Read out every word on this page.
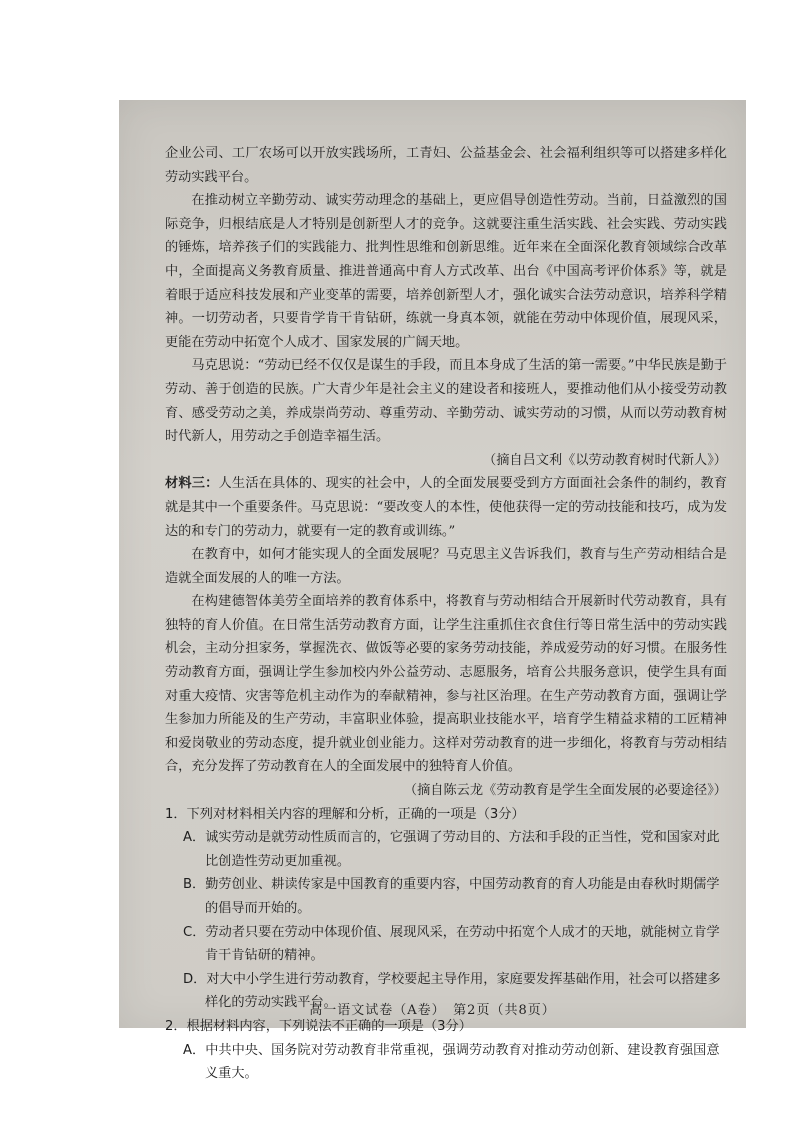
企业公司、工厂农场可以开放实践场所，工青妇、公益基金会、社会福利组织等可以搭建多样化劳动实践平台。

在推动树立辛勤劳动、诚实劳动理念的基础上，更应倡导创造性劳动。当前，日益激烈的国际竞争，归根结底是人才特别是创新型人才的竞争。这就要注重生活实践、社会实践、劳动实践的锤炼，培养孩子们的实践能力、批判性思维和创新思维。近年来在全面深化教育领域综合改革中，全面提高义务教育质量、推进普通高中育人方式改革、出台《中国高考评价体系》等，就是着眼于适应科技发展和产业变革的需要，培养创新型人才，强化诚实合法劳动意识，培养科学精神。一切劳动者，只要肯学肯干肯钻研，练就一身真本领，就能在劳动中体现价值，展现风采，更能在劳动中拓宽个人成才、国家发展的广阔天地。

马克思说：“劳动已经不仅仅是谋生的手段，而且本身成了生活的第一需要。”中华民族是勤于劳动、善于创造的民族。广大青少年是社会主义的建设者和接班人，要推动他们从小接受劳动教育、感受劳动之美，养成崇尚劳动、尊重劳动、辛勤劳动、诚实劳动的习惯，从而以劳动教育树时代新人，用劳动之手创造幸福生活。

（摘自吕文利《以劳动教育树时代新人》）

材料三：人生活在具体的、现实的社会中，人的全面发展要受到方方面面社会条件的制约，教育就是其中一个重要条件。马克思说：“要改变人的本性，使他获得一定的劳动技能和技巧，成为发达的和专门的劳动力，就要有一定的教育或训练。”

在教育中，如何才能实现人的全面发展呢？马克思主义告诉我们，教育与生产劳动相结合是造就全面发展的人的唯一方法。

在构建德智体美劳全面培养的教育体系中，将教育与劳动相结合开展新时代劳动教育，具有独特的育人价值。在日常生活劳动教育方面，让学生注重抓住衣食住行等日常生活中的劳动实践机会，主动分担家务，掌握洗衣、做饭等必要的家务劳动技能，养成爱劳动的好习惯。在服务性劳动教育方面，强调让学生参加校内外公益劳动、志愿服务，培育公共服务意识，使学生具有面对重大疫情、灾害等危机主动作为的奉献精神，参与社区治理。在生产劳动教育方面，强调让学生参加力所能及的生产劳动，丰富职业体验，提高职业技能水平，培育学生精益求精的工匠精神和爱岗敬业的劳动态度，提升就业创业能力。这样对劳动教育的进一步细化，将教育与劳动相结合，充分发挥了劳动教育在人的全面发展中的独特育人价值。

（摘自陈云龙《劳动教育是学生全面发展的必要途径》）

1．下列对材料相关内容的理解和分析，正确的一项是（3分）

A．诚实劳动是就劳动性质而言的，它强调了劳动目的、方法和手段的正当性，党和国家对此比创造性劳动更加重视。

B．勤劳创业、耕读传家是中国教育的重要内容，中国劳动教育的育人功能是由春秋时期儒学的倡导而开始的。

C．劳动者只要在劳动中体现价值、展现风采，在劳动中拓宽个人成才的天地，就能树立肯学肯干肯钻研的精神。

D．对大中小学生进行劳动教育，学校要起主导作用，家庭要发挥基础作用，社会可以搭建多样化的劳动实践平台。

2．根据材料内容，下列说法不正确的一项是（3分）

A．中共中央、国务院对劳动教育非常重视，强调劳动教育对推动劳动创新、建设教育强国意义重大。

高一语文试卷（A卷）　第2页（共8页）
